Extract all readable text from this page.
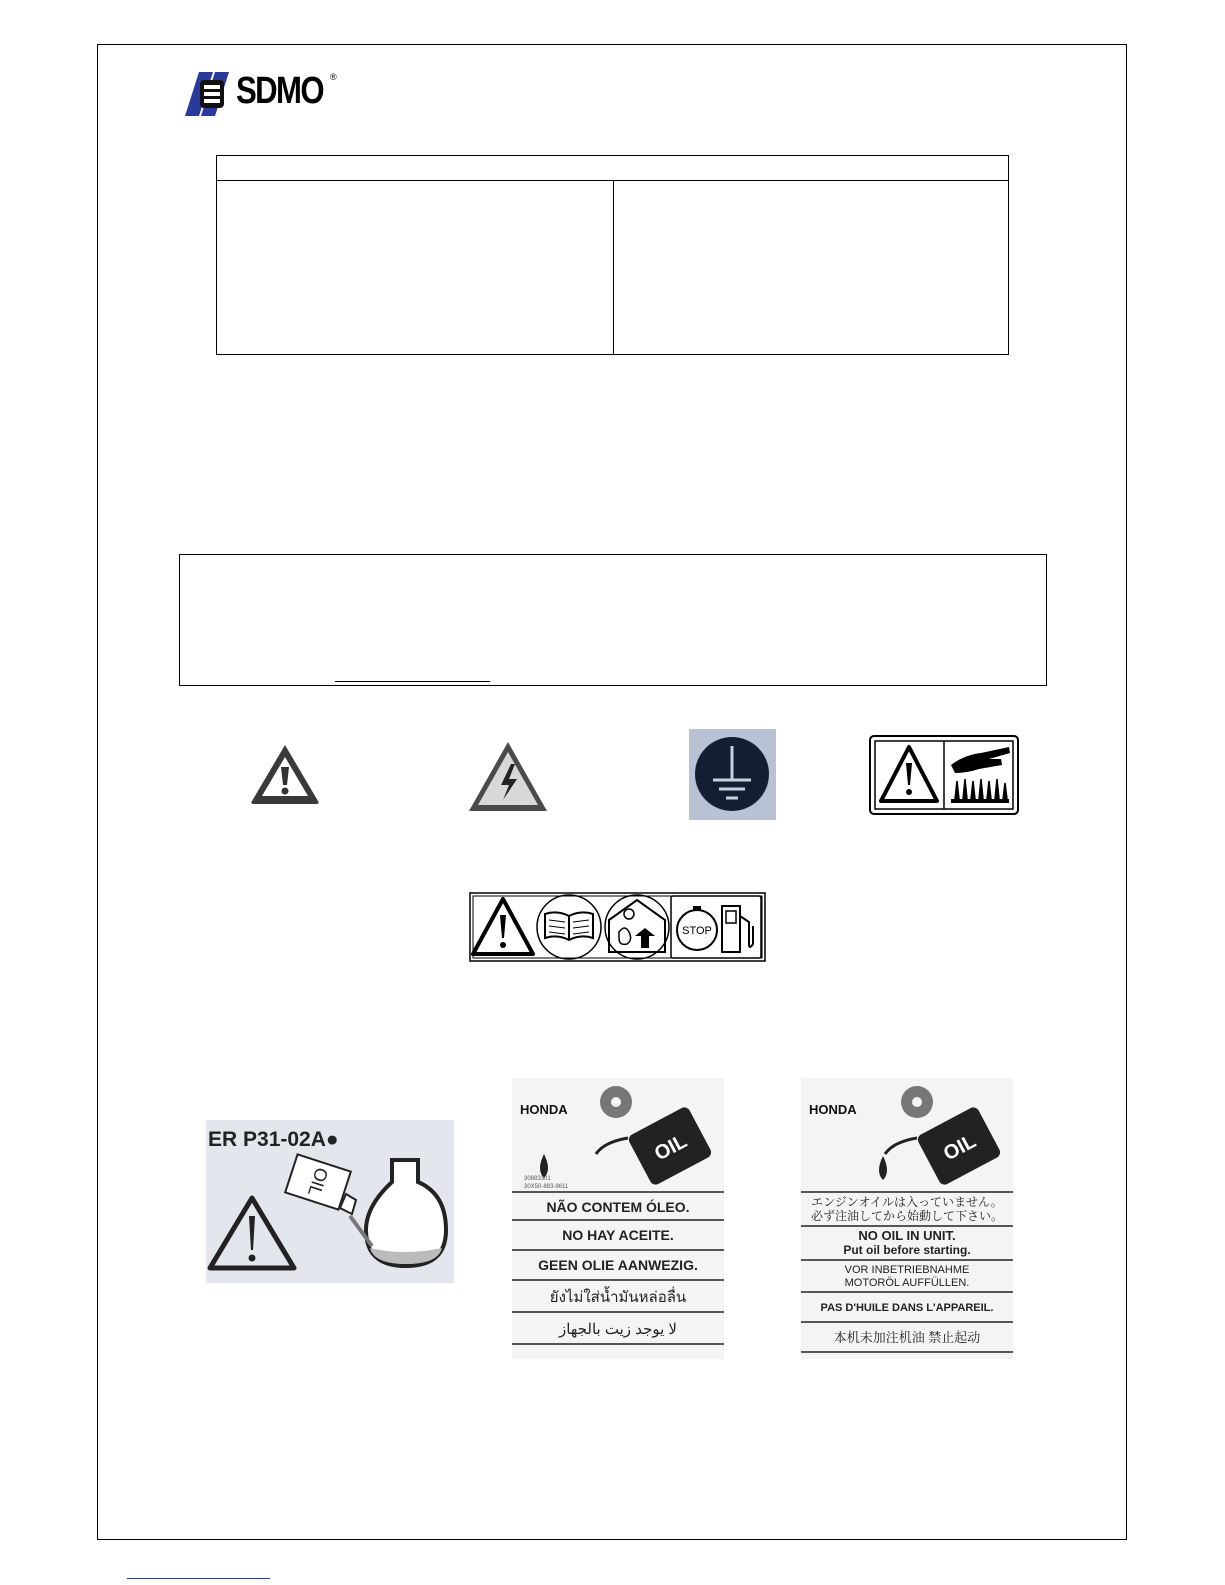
SDMO ®
STOP
ER P31-02A●
OIL
HONDA
OIL
30883301
30X50-883-9611
NÃO CONTEM ÓLEO.
NO HAY ACEITE.
GEEN OLIE AANWEZIG.
ยังไม่ใส่น้ำมันหล่อลื่น
لا يوجد زيت بالجهاز
HONDA
OIL
エンジンオイルは入っていません。
必ず注油してから始動して下さい。
NO OIL IN UNIT.
Put oil before starting.
VOR INBETRIEBNAHME
MOTORÖL AUFFÜLLEN.
PAS D'HUILE DANS L'APPAREIL.
本机未加注机油 禁止起动
